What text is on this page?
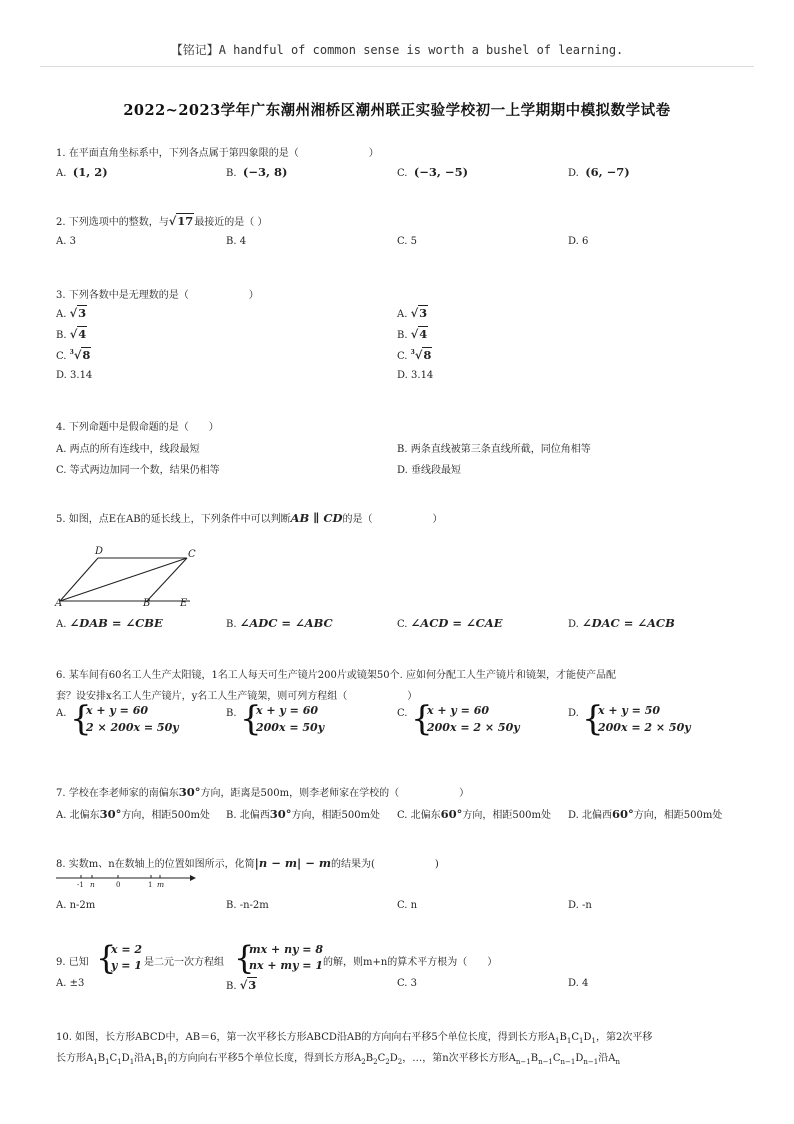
【铭记】A handful of common sense is worth a bushel of learning.
2022~2023学年广东潮州湘桥区潮州联正实验学校初一上学期期中模拟数学试卷
1. 在平面直角坐标系中，下列各点属于第四象限的是（　　　　　　　）
A. (1, 2)	B. (−3, 8)	C. (−3, −5)	D. (6, −7)
2. 下列选项中的整数，与√17最接近的是（ ）
A. 3	B. 4	C. 5	D. 6
3. 下列各数中是无理数的是（　　　　　　）
A. √3
B. √4
C. $^3$√8
D. 3.14
A. √3
B. √4
C. $^3$√8
D. 3.14
4. 下列命题中是假命题的是（　　）
A. 两点的所有连线中，线段最短	B. 两条直线被第三条直线所截，同位角相等
C. 等式两边加同一个数，结果仍相等	D. 垂线段最短
5. 如图，点E在AB的延长线上，下列条件中可以判断AB ∥ CD的是（　　　　　　）
A	B	E
D	C
A. ∠DAB = ∠CBE	B. ∠ADC = ∠ABC	C. ∠ACD = ∠CAE	D. ∠DAC = ∠ACB
6. 某车间有60名工人生产太阳镜，1名工人每天可生产镜片200片或镜架50个. 应如何分配工人生产镜片和镜架，才能使产品配
套？设安排x名工人生产镜片，y名工人生产镜架，则可列方程组（　　　　　　）
A. {
x + y = 60
2 × 200x = 50y
B. {
x + y = 60
200x = 50y
C. {
x + y = 60
200x = 2 × 50y
D. {
x + y = 50
200x = 2 × 50y
7. 学校在李老师家的南偏东30°方向，距离是500m，则李老师家在学校的（　　　　　　）
A. 北偏东30°方向，相距500m处 B. 北偏西30°方向，相距500m处 C. 北偏东60°方向，相距500m处 D. 北偏西60°方向，相距500m处
8. 实数m、n在数轴上的位置如图所示，化简|n − m| − m的结果为(　　　　　　)
-1 n	0	1 m
A. n-2m	B. -n-2m	C. n	D. -n
9. 已知 {
x = 2
y = 1 是二元一次方程组 {
mx + ny = 8
nx + my = 1 的解，则m+n的算术平方根为（　　）
A. ±3	B. √3	C. 3	D. 4
10. 如图，长方形ABCD中，AB＝6，第一次平移长方形ABCD沿AB的方向向右平移5个单位长度，得到长方形$A_1B_1C_1D_1$，第2次平移
长方形$A_1B_1C_1D_1$沿$A_1B_1$的方向向右平移5个单位长度，得到长方形$A_2B_2C_2D_2$，…，第n次平移长方形$A_{n-1}B_{n-1}C_{n-1}D_{n-1}$沿$A_n$
